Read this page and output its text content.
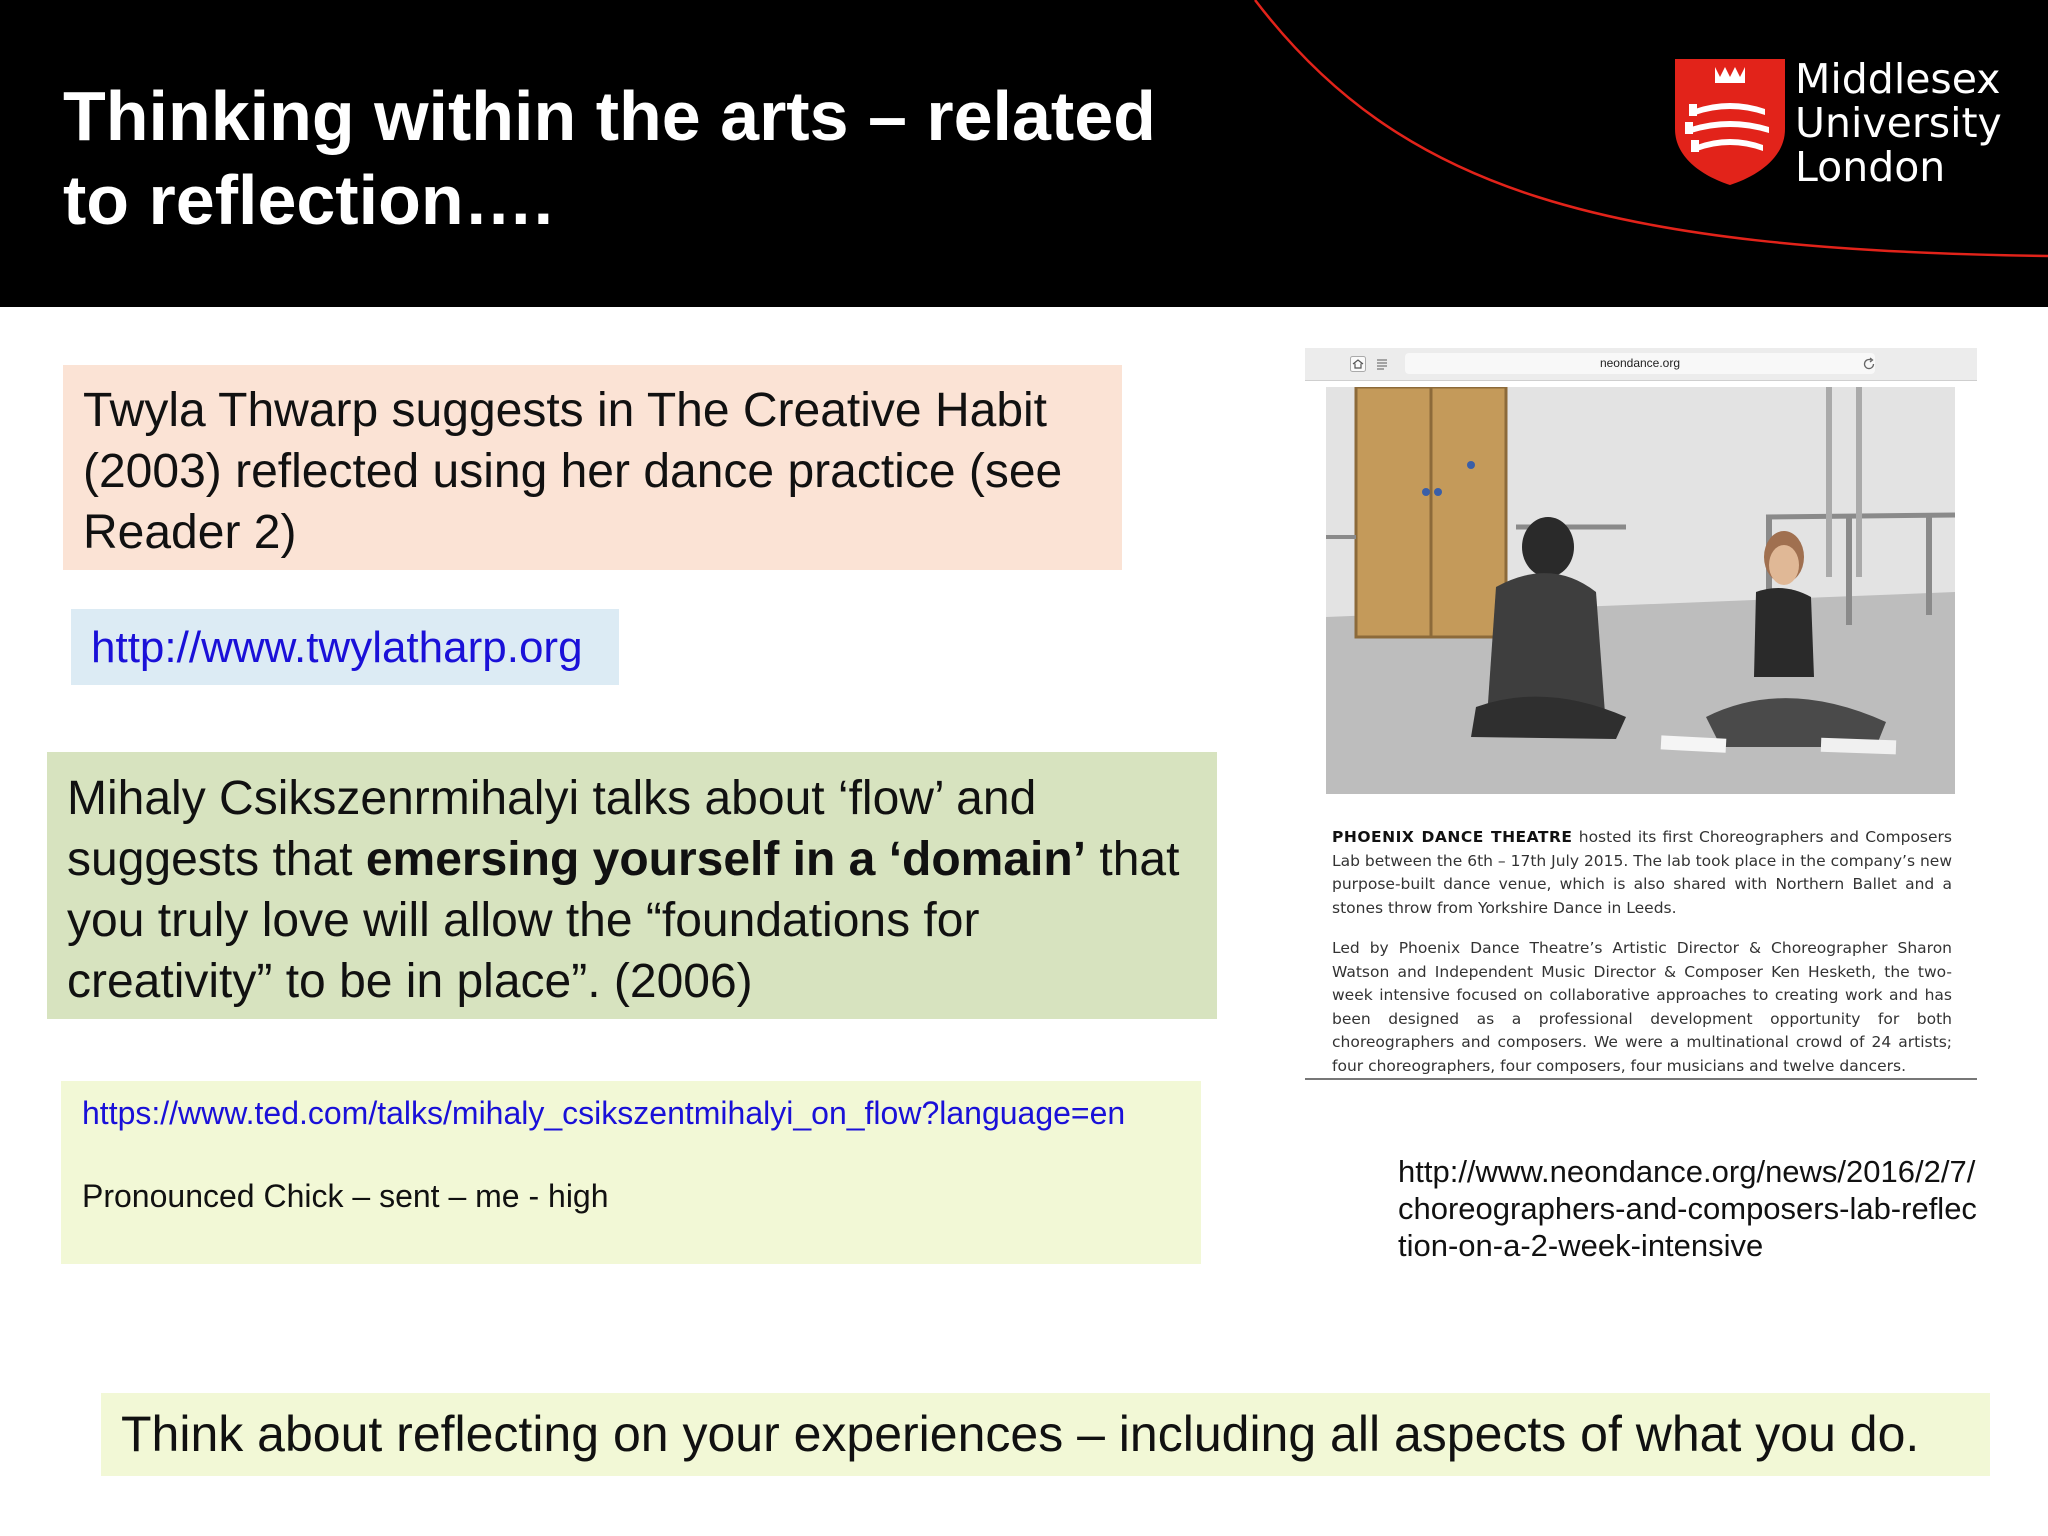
Thinking within the arts – related to reflection….
Middlesex
University
London
Twyla Thwarp suggests in The Creative Habit (2003) reflected using her dance practice (see Reader 2)
http://www.twylatharp.org
Mihaly Csikszenrmihalyi talks about ‘flow’ and suggests that emersing yourself in a ‘domain’ that you truly love will allow the “foundations for creativity” to be in place”. (2006)
https://www.ted.com/talks/mihaly_csikszentmihalyi_on_flow?language=en
Pronounced Chick – sent – me - high
neondance.org

PHOENIX DANCE THEATRE hosted its first Choreographers and Composers Lab between the 6th – 17th July 2015. The lab took place in the company’s new purpose-built dance venue, which is also shared with Northern Ballet and a stones throw from Yorkshire Dance in Leeds.

Led by Phoenix Dance Theatre’s Artistic Director & Choreographer Sharon Watson and Independent Music Director & Composer Ken Hesketh, the two-week intensive focused on collaborative approaches to creating work and has been designed as a professional development opportunity for both choreographers and composers. We were a multinational crowd of 24 artists; four choreographers, four composers, four musicians and twelve dancers.

http://www.neondance.org/news/2016/2/7/choreographers-and-composers-lab-reflection-on-a-2-week-intensive
Think about reflecting on your experiences – including all aspects of what you do.
